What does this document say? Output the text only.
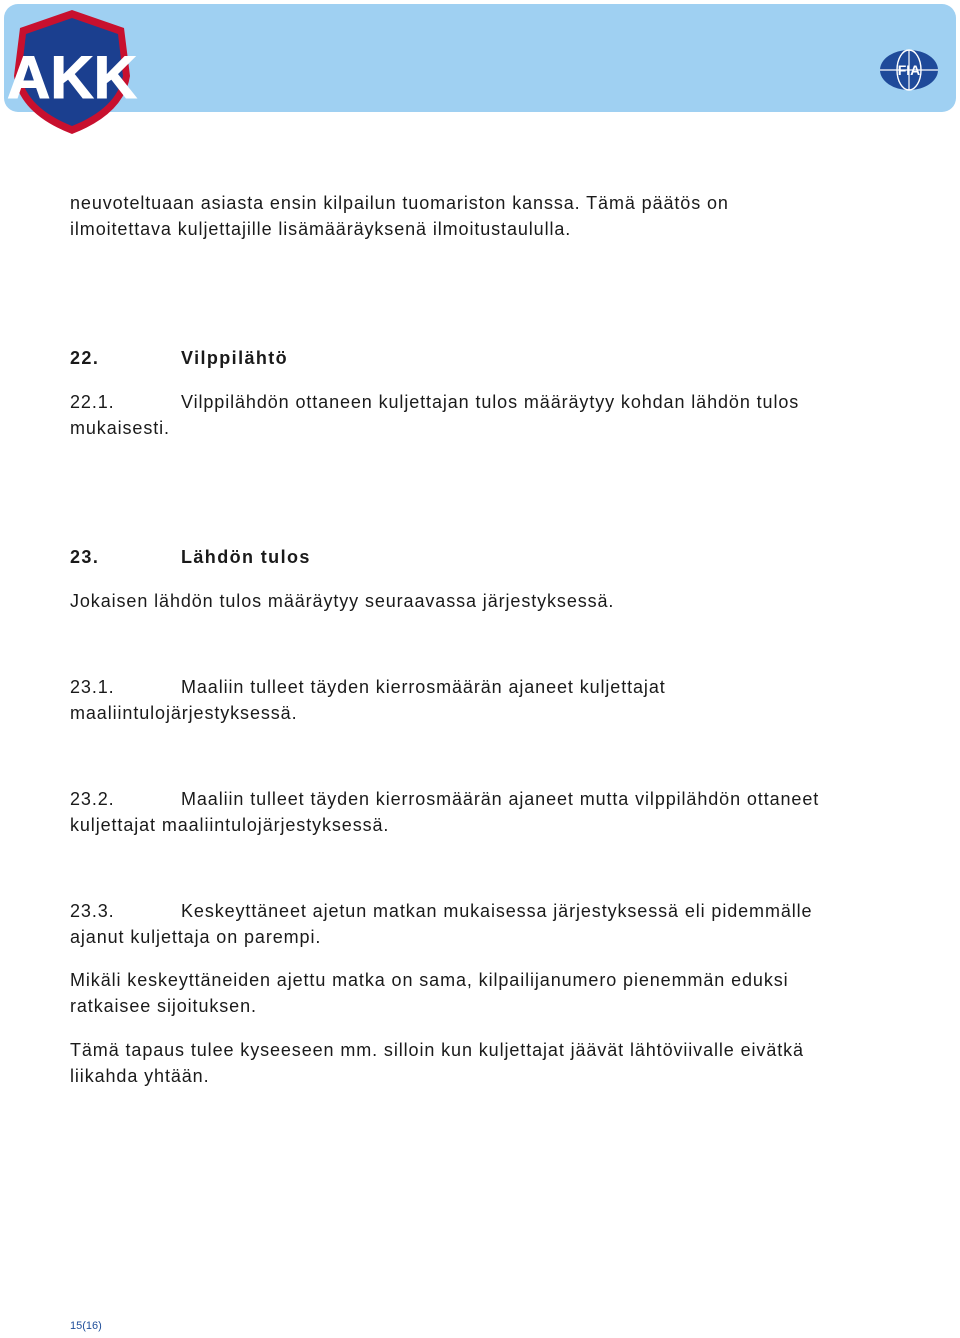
AKK	FIA

neuvoteltuaan asiasta ensin kilpailun tuomariston kanssa. Tämä päätös on
ilmoitettava kuljettajille lisämääräyksenä ilmoitustaululla.

22.	Vilppilähtö

22.1.	Vilppilähdön ottaneen kuljettajan tulos määräytyy kohdan lähdön tulos
mukaisesti.

23.	Lähdön tulos

Jokaisen lähdön tulos määräytyy seuraavassa järjestyksessä.

23.1.	Maaliin tulleet täyden kierrosmäärän ajaneet kuljettajat
maaliintulojärjestyksessä.

23.2.	Maaliin tulleet täyden kierrosmäärän ajaneet mutta vilppilähdön ottaneet
kuljettajat maaliintulojärjestyksessä.

23.3.	Keskeyttäneet ajetun matkan mukaisessa järjestyksessä eli pidemmälle
ajanut kuljettaja on parempi.

Mikäli keskeyttäneiden ajettu matka on sama, kilpailijanumero pienemmän eduksi
ratkaisee sijoituksen.

Tämä tapaus tulee kyseeseen mm. silloin kun kuljettajat jäävät lähtöviivalle eivätkä
liikahda yhtään.

15(16)
